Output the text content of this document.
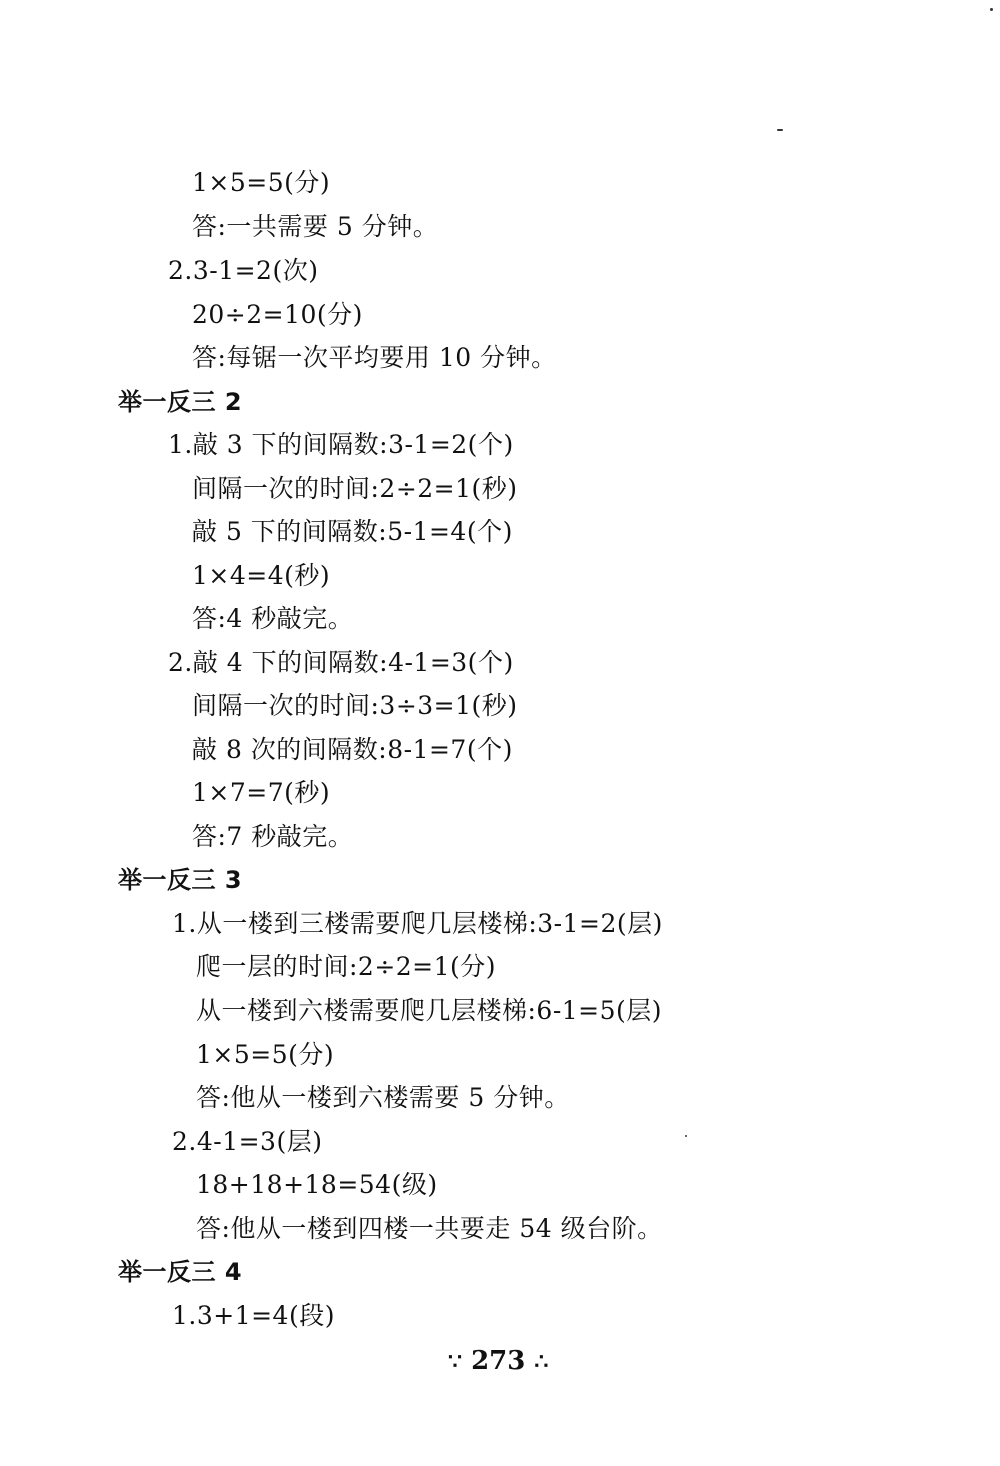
1×5=5(分)
答:一共需要 5 分钟。
2.3-1=2(次)
20÷2=10(分)
答:每锯一次平均要用 10 分钟。
举一反三 2
1.敲 3 下的间隔数:3-1=2(个)
间隔一次的时间:2÷2=1(秒)
敲 5 下的间隔数:5-1=4(个)
1×4=4(秒)
答:4 秒敲完。
2.敲 4 下的间隔数:4-1=3(个)
间隔一次的时间:3÷3=1(秒)
敲 8 次的间隔数:8-1=7(个)
1×7=7(秒)
答:7 秒敲完。
举一反三 3
1.从一楼到三楼需要爬几层楼梯:3-1=2(层)
爬一层的时间:2÷2=1(分)
从一楼到六楼需要爬几层楼梯:6-1=5(层)
1×5=5(分)
答:他从一楼到六楼需要 5 分钟。
2.4-1=3(层)
18+18+18=54(级)
答:他从一楼到四楼一共要走 54 级台阶。
举一反三 4
1.3+1=4(段)
∵ 273 ∴
